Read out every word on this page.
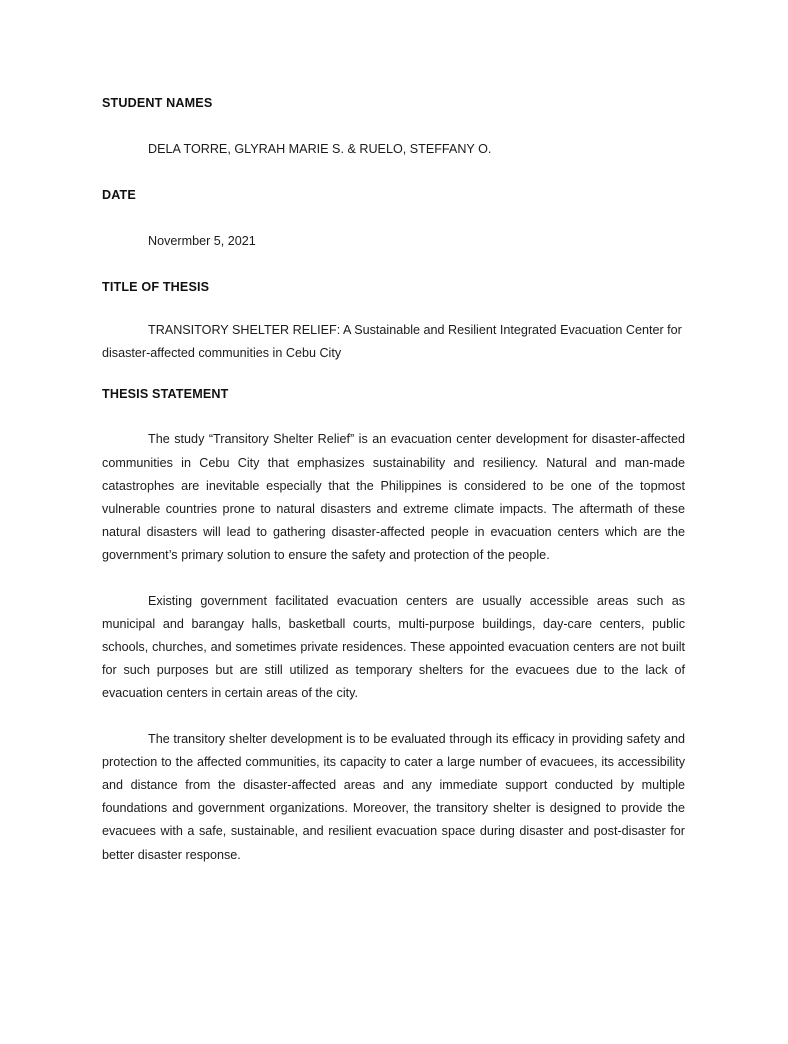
STUDENT NAMES

DELA TORRE, GLYRAH MARIE S. & RUELO, STEFFANY O.

DATE

Novermber 5, 2021

TITLE OF THESIS

TRANSITORY SHELTER RELIEF: A Sustainable and Resilient Integrated Evacuation Center for disaster-affected communities in Cebu City

THESIS STATEMENT

The study “Transitory Shelter Relief” is an evacuation center development for disaster-affected communities in Cebu City that emphasizes sustainability and resiliency. Natural and man-made catastrophes are inevitable especially that the Philippines is considered to be one of the topmost vulnerable countries prone to natural disasters and extreme climate impacts. The aftermath of these natural disasters will lead to gathering disaster-affected people in evacuation centers which are the government’s primary solution to ensure the safety and protection of the people.

Existing government facilitated evacuation centers are usually accessible areas such as municipal and barangay halls, basketball courts, multi-purpose buildings, day-care centers, public schools, churches, and sometimes private residences. These appointed evacuation centers are not built for such purposes but are still utilized as temporary shelters for the evacuees due to the lack of evacuation centers in certain areas of the city.

The transitory shelter development is to be evaluated through its efficacy in providing safety and protection to the affected communities, its capacity to cater a large number of evacuees, its accessibility and distance from the disaster-affected areas and any immediate support conducted by multiple foundations and government organizations. Moreover, the transitory shelter is designed to provide the evacuees with a safe, sustainable, and resilient evacuation space during disaster and post-disaster for better disaster response.
